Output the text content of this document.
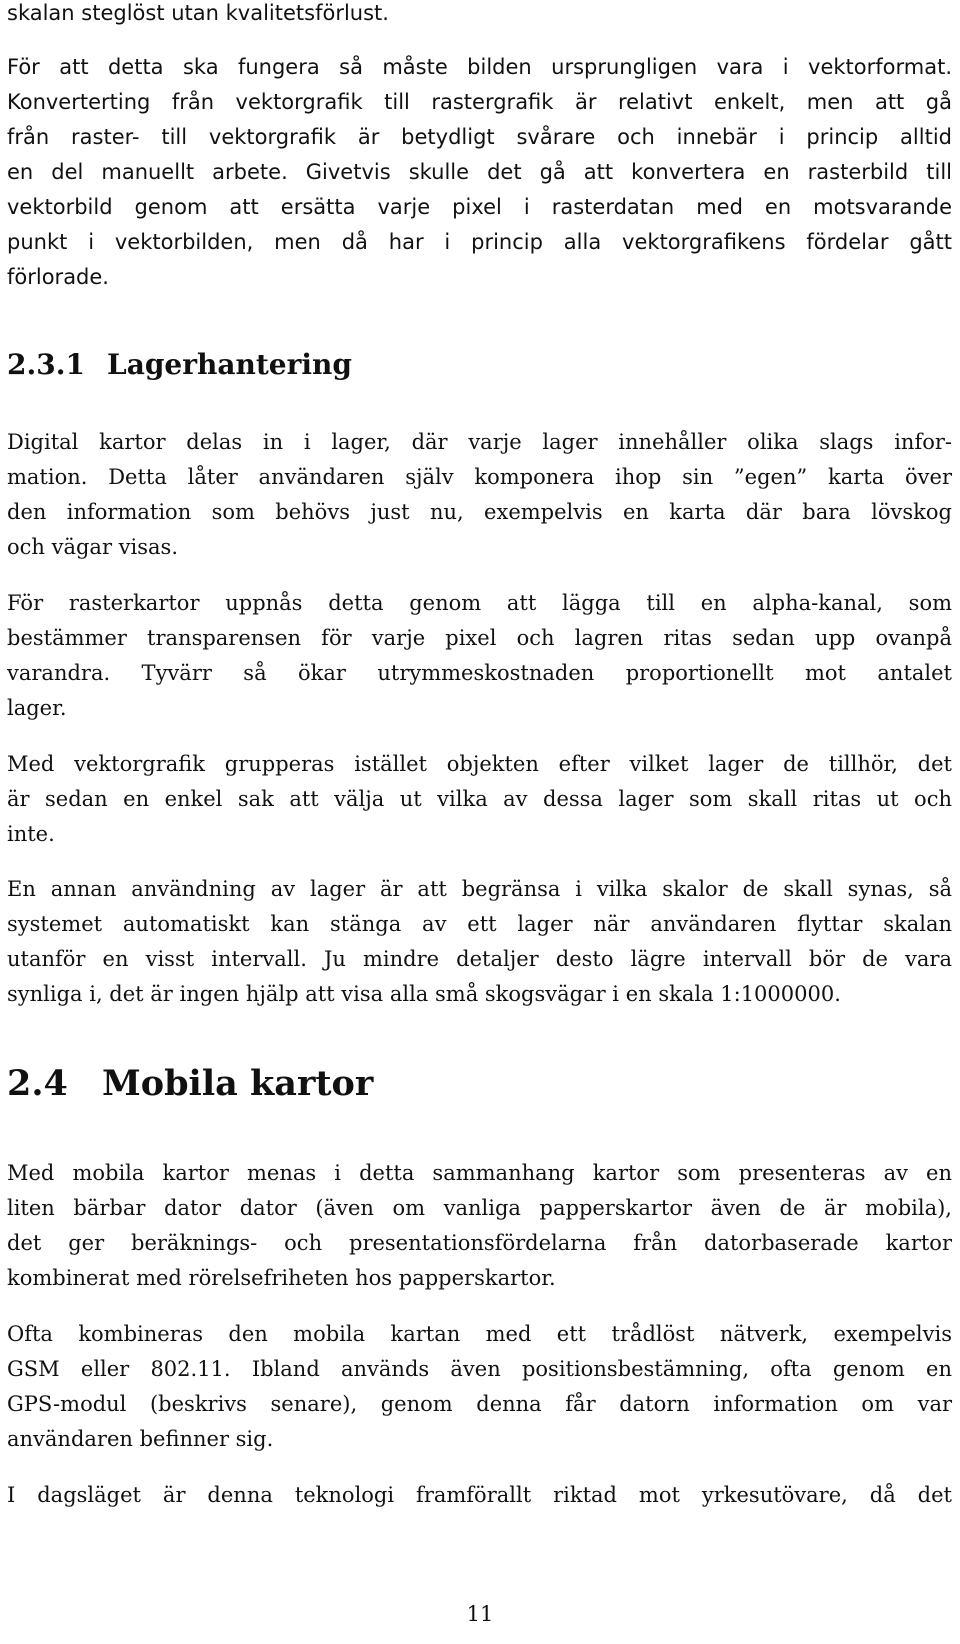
skalan steglöst utan kvalitetsförlust.

För att detta ska fungera så måste bilden ursprungligen vara i vektorformat.
Konverterting från vektorgrafik till rastergrafik är relativt enkelt, men att gå
från raster- till vektorgrafik är betydligt svårare och innebär i princip alltid
en del manuellt arbete. Givetvis skulle det gå att konvertera en rasterbild till
vektorbild genom att ersätta varje pixel i rasterdatan med en motsvarande
punkt i vektorbilden, men då har i princip alla vektorgrafikens fördelar gått
förlorade.

2.3.1 Lagerhantering

Digital kartor delas in i lager, där varje lager innehåller olika slags infor-
mation. Detta låter användaren själv komponera ihop sin ”egen” karta över
den information som behövs just nu, exempelvis en karta där bara lövskog
och vägar visas.

För rasterkartor uppnås detta genom att lägga till en alpha-kanal, som
bestämmer transparensen för varje pixel och lagren ritas sedan upp ovanpå
varandra. Tyvärr så ökar utrymmeskostnaden proportionellt mot antalet
lager.

Med vektorgrafik grupperas istället objekten efter vilket lager de tillhör, det
är sedan en enkel sak att välja ut vilka av dessa lager som skall ritas ut och
inte.

En annan användning av lager är att begränsa i vilka skalor de skall synas, så
systemet automatiskt kan stänga av ett lager när användaren flyttar skalan
utanför en visst intervall. Ju mindre detaljer desto lägre intervall bör de vara
synliga i, det är ingen hjälp att visa alla små skogsvägar i en skala 1:1000000.

2.4 Mobila kartor

Med mobila kartor menas i detta sammanhang kartor som presenteras av en
liten bärbar dator dator (även om vanliga papperskartor även de är mobila),
det ger beräknings- och presentationsfördelarna från datorbaserade kartor
kombinerat med rörelsefriheten hos papperskartor.

Ofta kombineras den mobila kartan med ett trådlöst nätverk, exempelvis
GSM eller 802.11. Ibland används även positionsbestämning, ofta genom en
GPS-modul (beskrivs senare), genom denna får datorn information om var
användaren befinner sig.

I dagsläget är denna teknologi framförallt riktad mot yrkesutövare, då det

11
